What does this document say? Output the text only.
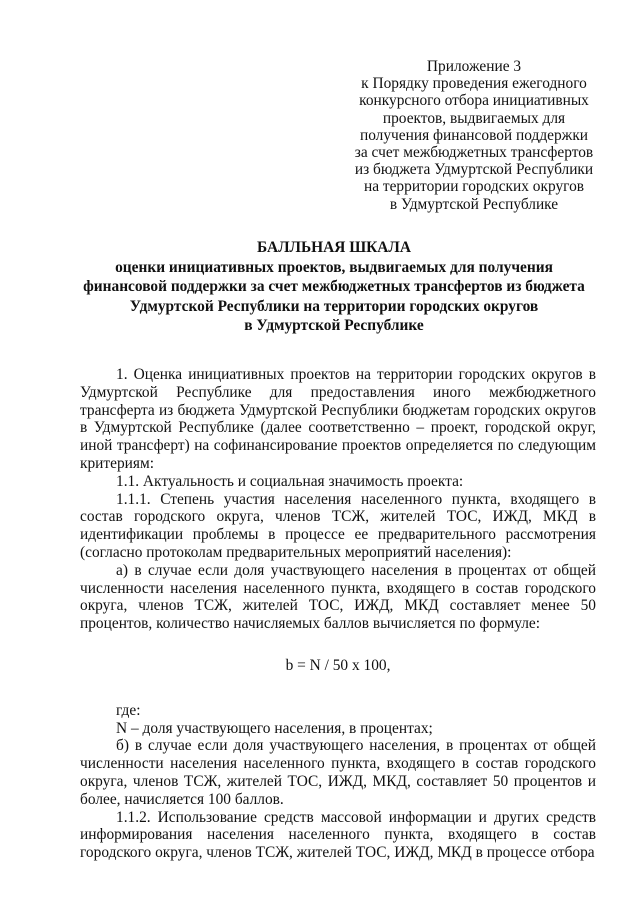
Приложение 3
к Порядку проведения ежегодного
конкурсного отбора инициативных
проектов, выдвигаемых для
получения финансовой поддержки
за счет межбюджетных трансфертов
из бюджета Удмуртской Республики
на территории городских округов
в Удмуртской Республике
БАЛЛЬНАЯ ШКАЛА
оценки инициативных проектов, выдвигаемых для получения
финансовой поддержки за счет межбюджетных трансфертов из бюджета
Удмуртской Республики на территории городских округов
в Удмуртской Республике

1. Оценка инициативных проектов на территории городских округов в Удмуртской Республике для предоставления иного межбюджетного трансферта из бюджета Удмуртской Республики бюджетам городских округов в Удмуртской Республике (далее соответственно – проект, городской округ, иной трансферт) на софинансирование проектов определяется по следующим критериям:

1.1. Актуальность и социальная значимость проекта:

1.1.1. Степень участия населения населенного пункта, входящего в состав городского округа, членов ТСЖ, жителей ТОС, ИЖД, МКД в идентификации проблемы в процессе ее предварительного рассмотрения (согласно протоколам предварительных мероприятий населения):

а) в случае если доля участвующего населения в процентах от общей численности населения населенного пункта, входящего в состав городского округа, членов ТСЖ, жителей ТОС, ИЖД, МКД составляет менее 50 процентов, количество начисляемых баллов вычисляется по формуле:

b = N / 50 х 100,

где:

N – доля участвующего населения, в процентах;

б) в случае если доля участвующего населения, в процентах от общей численности населения населенного пункта, входящего в состав городского округа, членов ТСЖ, жителей ТОС, ИЖД, МКД, составляет 50 процентов и более, начисляется 100 баллов.

1.1.2. Использование средств массовой информации и других средств информирования населения населенного пункта, входящего в состав городского округа, членов ТСЖ, жителей ТОС, ИЖД, МКД в процессе отбора
